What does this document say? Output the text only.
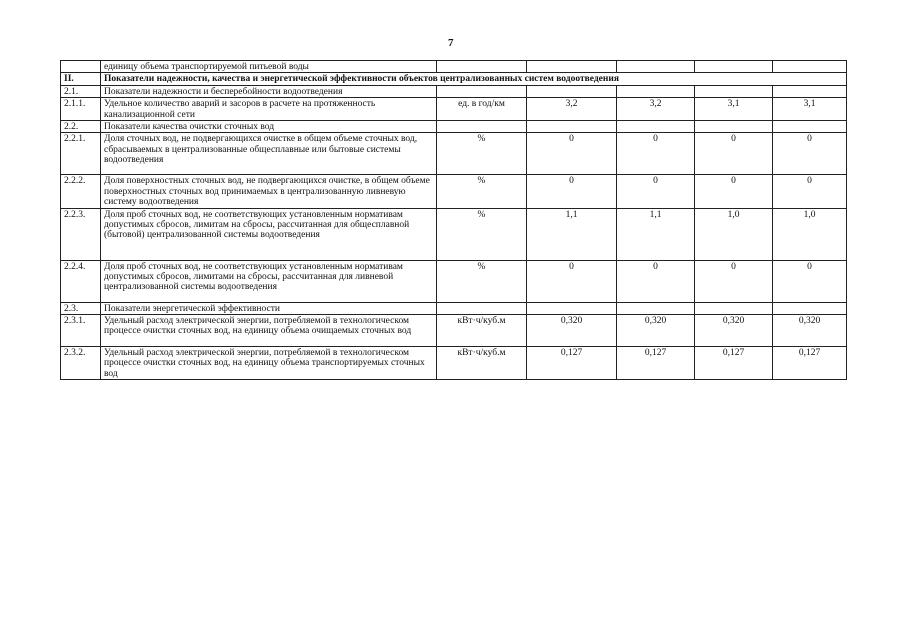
7
	единицу объема транспортируемой питьевой воды					
II.	Показатели надежности, качества и энергетической эффективности объектов централизованных систем водоотведения					
2.1.	Показатели надежности и бесперебойности водоотведения					
2.1.1.	Удельное количество аварий и засоров в расчете на протяженность канализационной сети	ед. в год/км	3,2	3,2	3,1	3,1
2.2.	Показатели качества очистки сточных вод					
2.2.1.	Доля сточных вод, не подвергающихся очистке в общем объеме сточных вод, сбрасываемых в централизованные общесплавные или бытовые системы водоотведения	%	0	0	0	0
2.2.2.	Доля поверхностных сточных вод, не подвергающихся очистке, в общем объеме поверхностных сточных вод принимаемых в централизованную ливневую систему водоотведения	%	0	0	0	0
2.2.3.	Доля проб сточных вод, не соответствующих установленным нормативам допустимых сбросов, лимитам на сбросы, рассчитанная для общесплавной (бытовой) централизованной системы водоотведения	%	1,1	1,1	1,0	1,0
2.2.4.	Доля проб сточных вод, не соответствующих установленным нормативам допустимых сбросов, лимитами на сбросы, рассчитанная для ливневой централизованной системы водоотведения	%	0	0	0	0
2.3.	Показатели энергетической эффективности					
2.3.1.	Удельный расход электрической энергии, потребляемой в технологическом процессе очистки сточных вод, на единицу объема очищаемых сточных вод	кВт·ч/куб.м	0,320	0,320	0,320	0,320
2.3.2.	Удельный расход электрической энергии, потребляемой в технологическом процессе очистки сточных вод, на единицу объема транспортируемых сточных вод	кВт·ч/куб.м	0,127	0,127	0,127	0,127
